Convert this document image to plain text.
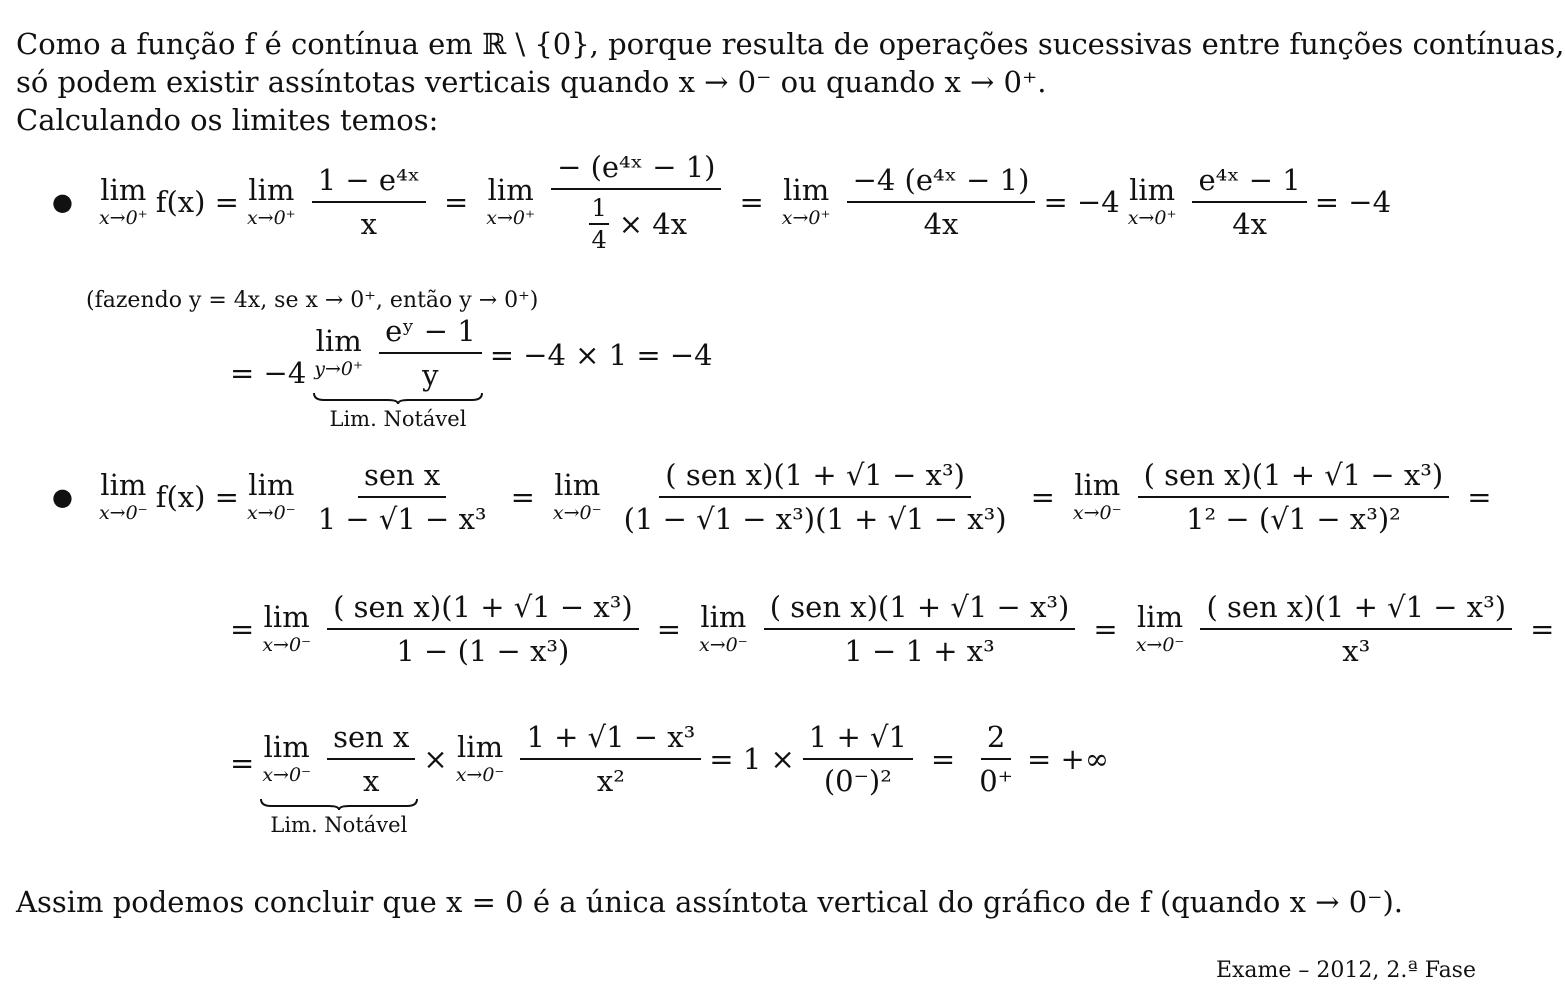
Como a função f é contínua em ℝ \ {0}, porque resulta de operações sucessivas entre funções contínuas,
só podem existir assíntotas verticais quando x → 0⁻ ou quando x → 0⁺.
Calculando os limites temos:
● lim
x→0⁺ f(x) = lim
$x\to 0^+ \frac{\text{1 − e⁴ˣ}}{x} = \lim$
$x\to 0^+ \frac{\text{− (e⁴ˣ − 1)}}{\frac{1}{4} \times 4x} = \lim$
$x\to 0^+ \frac{\text{−4 (e⁴ˣ − 1)}}{4x} = -4$ lim
$x\to 0^+ \frac{\text{e⁴ˣ − 1}}{4x} = -4$
(fazendo y = 4x, se x → 0⁺, então y → 0⁺)
= −4
lim
$y\to 0^+ \frac{\text{eʸ − 1}}{y}$
Lim. Notável
= −4 × 1 = −4
● lim
x→0⁻ f(x) = lim
$x\to 0^- \frac{\text{sen x}}{\text{1 − √1 − x³}} = \lim$
$x\to 0^- \frac{\text{( sen x)(1 + √1 − x³)}}{\text{(1 − √1 − x³)(1 + √1 − x³)}} = \lim$
$x\to 0^- \frac{\text{( sen x)(1 + √1 − x³)}}{\text{1² − (√1 − x³)²}}$ =
= lim
$x\to 0^- \frac{\text{( sen x)(1 + √1 − x³)}}{\text{1 − (1 − x³)}} = \lim$
$x\to 0^- \frac{\text{( sen x)(1 + √1 − x³)}}{\text{1 − 1 + x³}} = \lim$
$x\to 0^- \frac{\text{( sen x)(1 + √1 − x³)}}{\text{x³}}$ =
= lim
$x\to 0^- \frac{\text{sen x}}{x}$
Lim. Notável
× lim
$x\to 0^- \frac{\text{1 + √1 − x³}}{\text{x²}} = 1 \times \frac{1 + √1}{\text{(0⁻)²}} = \frac{2}{0^+}$ = +∞
Assim podemos concluir que x = 0 é a única assíntota vertical do gráfico de f (quando x → 0⁻).
Exame – 2012, 2.ª Fase
